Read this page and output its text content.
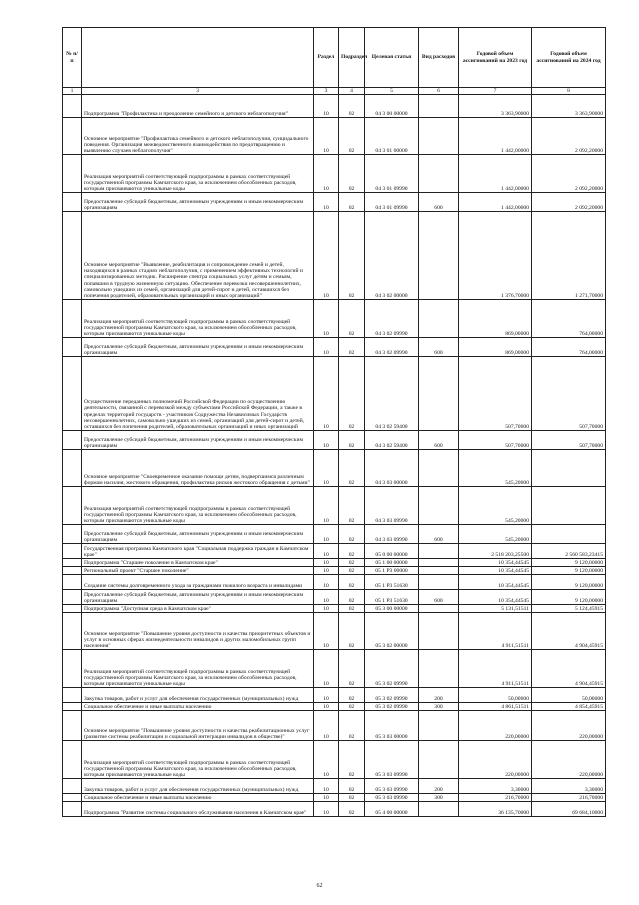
№ п/п		Раздел	Подраздел	Целевая статья	Вид расходов	Годовой объем ассигнований на 2023 год	Годовой объем ассигнований на 2024 год
1	3	3	4	5	6	7	8
	Подпрограмма "Профилактика и преодоление семейного и детского неблагополучия"	10	02	04 3 00 00000		3 363,90000	3 363,90000
	Основное мероприятие "Профилактика семейного и детского неблагополучия, суицидального поведения. Организация межведомственного взаимодействия по предотвращению и выявлению случаев неблагополучия"	10	02	04 3 01 00000		1 442,00000	2 092,20000
	Реализация мероприятий соответствующей подпрограммы в рамках соответствующей государственной программы Камчатского края, за исключением обособленных расходов, которым присваиваются уникальные коды	10	02	04 3 01 09990		1 442,00000	2 092,20000
	Предоставление субсидий бюджетным, автономным учреждениям и иным некоммерческим организациям	10	02	04 3 01 09990	600	1 442,00000	2 092,20000
	Основное мероприятие "Выявление, реабилитация и сопровождение семей и детей, находящихся в разных стадиях неблагополучия, с применением эффективных технологий и специализированных методик. Расширение спектра социальных услуг детям и семьям, попавшим в трудную жизненную ситуацию. Обеспечение перевозки несовершеннолетних, самовольно ушедших из семей, организаций для детей-сирот и детей, оставшихся без попечения родителей, образовательных организаций и иных организаций"	10	02	04 3 02 00000		1 376,70000	1 271,70000
	Реализация мероприятий соответствующей подпрограммы в рамках соответствующей государственной программы Камчатского края, за исключением обособленных расходов, которым присваиваются уникальные коды	10	02	04 3 02 09990		869,00000	764,00000
	Предоставление субсидий бюджетным, автономным учреждениям и иным некоммерческим организациям	10	02	04 3 02 09990	600	869,00000	764,00000
	Осуществление переданных полномочий Российской Федерации по осуществлению деятельности, связанной с перевозкой между субъектами Российской Федерации, а также в пределах территорий государств - участников Содружества Независимых Государств несовершеннолетних, самовольно ушедших из семей, организаций для детей-сирот и детей, оставшихся без попечения родителей, образовательных организаций и иных организаций	10	02	04 3 02 59400		507,70000	507,70000
	Предоставление субсидий бюджетным, автономным учреждениям и иным некоммерческим организациям	10	02	04 3 02 59400	600	507,70000	507,70000
	Основное мероприятие "Своевременное оказание помощи детям, подвергшимся различным формам насилия, жестокого обращения, профилактика рисков жестокого обращения с детьми"	10	02	04 3 03 00000		545,20000	
	Реализация мероприятий соответствующей подпрограммы в рамках соответствующей государственной программы Камчатского края, за исключением обособленных расходов, которым присваиваются уникальные коды	10	02	04 3 03 09990		545,20000	
	Предоставление субсидий бюджетным, автономным учреждениям и иным некоммерческим организациям	10	02	04 3 03 09990	600	545,20000	
	Государственная программа Камчатского края "Социальная поддержка граждан в Камчатском крае"	10	02	05 0 00 00000		2 518 203,25500	2 560 583,23415
	Подпрограмма "Старшее поколение в Камчатском крае"	10	02	05 1 00 00000		10 354,44545	9 120,00000
	Региональный проект "Старшее поколение"	10	02	05 1 P3 00000		10 354,44545	9 120,00000
	Создание системы долговременного ухода за гражданами пожилого возраста и инвалидами	10	02	05 1 P3 51630		10 354,44545	9 120,00000
	Предоставление субсидий бюджетным, автономным учреждениям и иным некоммерческим организациям	10	02	05 1 P3 51630	600	10 354,44545	9 120,00000
	Подпрограмма "Доступная среда в Камчатском крае"	10	02	05 3 00 00000		5 131,51511	5 124,45915
	Основное мероприятие "Повышение уровня доступности и качества приоритетных объектов и услуг в основных сферах жизнедеятельности инвалидов и других маломобильных групп населения"	10	02	05 3 02 00000		4 911,51511	4 904,45915
	Реализация мероприятий соответствующей подпрограммы в рамках соответствующей государственной программы Камчатского края, за исключением обособленных расходов, которым присваиваются уникальные коды	10	02	05 3 02 09990		4 911,51511	4 904,45915
	Закупка товаров, работ и услуг для обеспечения государственных (муниципальных) нужд	10	02	05 3 02 09990	200	50,00000	50,00000
	Социальное обеспечение и иные выплаты населению	10	02	05 3 02 09990	300	4 861,51511	4 854,45915
	Основное мероприятие "Повышение уровня доступности и качества реабилитационных услуг (развитие системы реабилитации и социальной интеграции инвалидов в обществе)"	10	02	05 3 03 00000		220,00000	220,00000
	Реализация мероприятий соответствующей подпрограммы в рамках соответствующей государственной программы Камчатского края, за исключением обособленных расходов, которым присваиваются уникальные коды	10	02	05 3 03 09990		220,00000	220,00000
	Закупка товаров, работ и услуг для обеспечения государственных (муниципальных) нужд	10	02	05 3 03 09990	200	3,30000	3,30000
	Социальное обеспечение и иные выплаты населению	10	02	05 3 03 09990	300	216,70000	216,70000
	Подпрограмма "Развитие системы социального обслуживания населения в Камчатском крае"	10	02	05 4 00 00000		36 135,70000	69 684,10000
62
